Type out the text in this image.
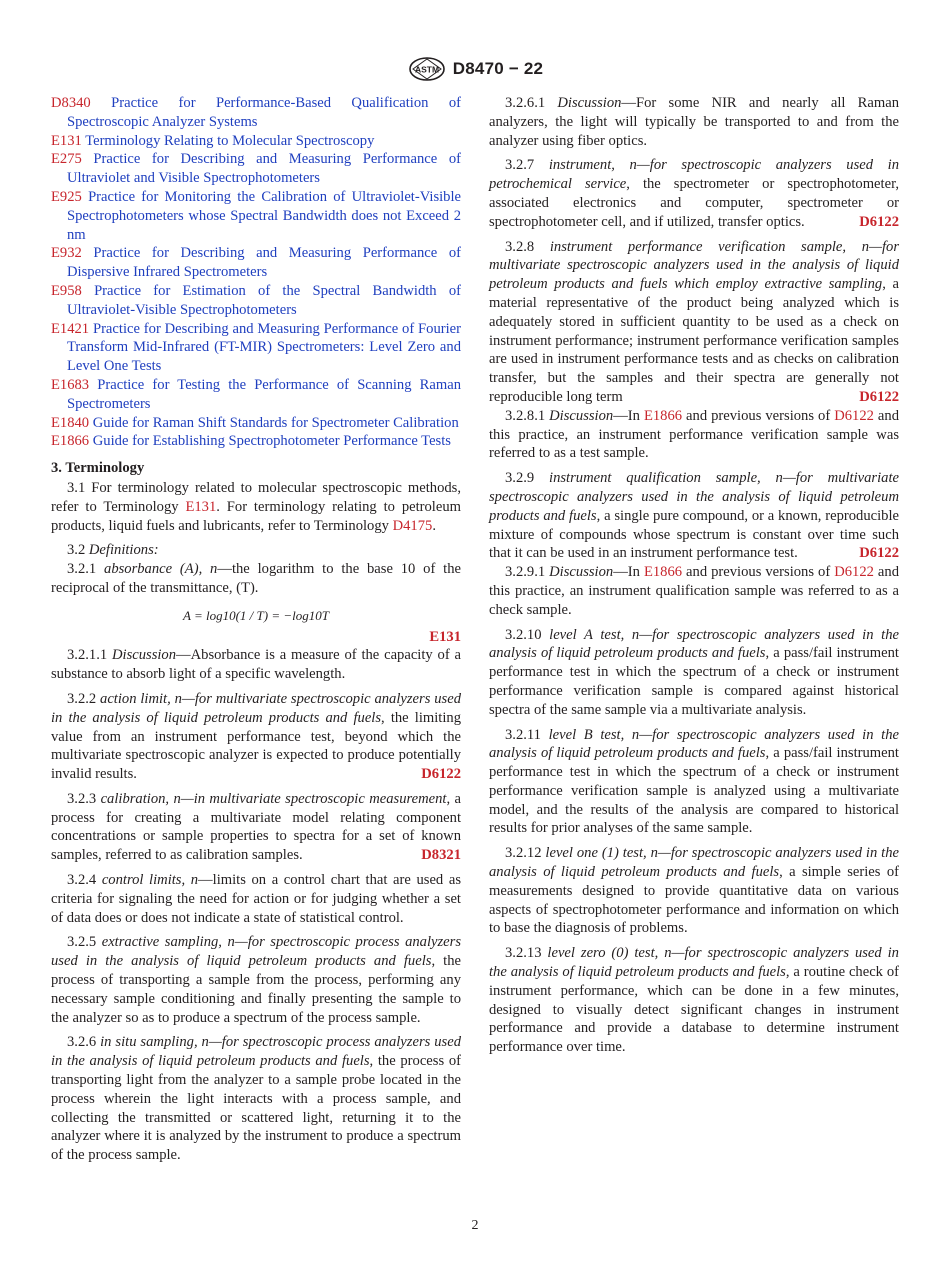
ASTM D8470 − 22
D8340 Practice for Performance-Based Qualification of Spectroscopic Analyzer Systems
E131 Terminology Relating to Molecular Spectroscopy
E275 Practice for Describing and Measuring Performance of Ultraviolet and Visible Spectrophotometers
E925 Practice for Monitoring the Calibration of Ultraviolet-Visible Spectrophotometers whose Spectral Bandwidth does not Exceed 2 nm
E932 Practice for Describing and Measuring Performance of Dispersive Infrared Spectrometers
E958 Practice for Estimation of the Spectral Bandwidth of Ultraviolet-Visible Spectrophotometers
E1421 Practice for Describing and Measuring Performance of Fourier Transform Mid-Infrared (FT-MIR) Spectrometers: Level Zero and Level One Tests
E1683 Practice for Testing the Performance of Scanning Raman Spectrometers
E1840 Guide for Raman Shift Standards for Spectrometer Calibration
E1866 Guide for Establishing Spectrophotometer Performance Tests
3. Terminology

3.1 For terminology related to molecular spectroscopic methods, refer to Terminology E131. For terminology relating to petroleum products, liquid fuels and lubricants, refer to Terminology D4175.

3.2 Definitions:

3.2.1 absorbance (A), n—the logarithm to the base 10 of the reciprocal of the transmittance, (T).

A = log10(1 / T) = −log10T
E131

3.2.1.1 Discussion—Absorbance is a measure of the capacity of a substance to absorb light of a specific wavelength.

3.2.2 action limit, n—for multivariate spectroscopic analyzers used in the analysis of liquid petroleum products and fuels, the limiting value from an instrument performance test, beyond which the multivariate spectroscopic analyzer is expected to produce potentially invalid results.	D6122

3.2.3 calibration, n—in multivariate spectroscopic measurement, a process for creating a multivariate model relating component concentrations or sample properties to spectra for a set of known samples, referred to as calibration samples.	D8321

3.2.4 control limits, n—limits on a control chart that are used as criteria for signaling the need for action or for judging whether a set of data does or does not indicate a state of statistical control.

3.2.5 extractive sampling, n—for spectroscopic process analyzers used in the analysis of liquid petroleum products and fuels, the process of transporting a sample from the process, performing any necessary sample conditioning and finally presenting the sample to the analyzer so as to produce a spectrum of the process sample.

3.2.6 in situ sampling, n—for spectroscopic process analyzers used in the analysis of liquid petroleum products and fuels, the process of transporting light from the analyzer to a sample probe located in the process wherein the light interacts with a process sample, and collecting the transmitted or scattered light, returning it to the analyzer where it is analyzed by the instrument to produce a spectrum of the process sample.

3.2.6.1 Discussion—For some NIR and nearly all Raman analyzers, the light will typically be transported to and from the analyzer using fiber optics.

3.2.7 instrument, n—for spectroscopic analyzers used in petrochemical service, the spectrometer or spectrophotometer, associated electronics and computer, spectrometer or spectrophotometer cell, and if utilized, transfer optics.	D6122

3.2.8 instrument performance verification sample, n—for multivariate spectroscopic analyzers used in the analysis of liquid petroleum products and fuels which employ extractive sampling, a material representative of the product being analyzed which is adequately stored in sufficient quantity to be used as a check on instrument performance; instrument performance verification samples are used in instrument performance tests and as checks on calibration transfer, but the samples and their spectra are generally not reproducible long term	D6122

3.2.8.1 Discussion—In E1866 and previous versions of D6122 and this practice, an instrument performance verification sample was referred to as a test sample.

3.2.9 instrument qualification sample, n—for multivariate spectroscopic analyzers used in the analysis of liquid petroleum products and fuels, a single pure compound, or a known, reproducible mixture of compounds whose spectrum is constant over time such that it can be used in an instrument performance test.	D6122

3.2.9.1 Discussion—In E1866 and previous versions of D6122 and this practice, an instrument qualification sample was referred to as a check sample.

3.2.10 level A test, n—for spectroscopic analyzers used in the analysis of liquid petroleum products and fuels, a pass/fail instrument performance test in which the spectrum of a check or instrument performance verification sample is compared against historical spectra of the same sample via a multivariate analysis.

3.2.11 level B test, n—for spectroscopic analyzers used in the analysis of liquid petroleum products and fuels, a pass/fail instrument performance test in which the spectrum of a check or instrument performance verification sample is analyzed using a multivariate model, and the results of the analysis are compared to historical results for prior analyses of the same sample.

3.2.12 level one (1) test, n—for spectroscopic analyzers used in the analysis of liquid petroleum products and fuels, a simple series of measurements designed to provide quantitative data on various aspects of spectrophotometer performance and information on which to base the diagnosis of problems.

3.2.13 level zero (0) test, n—for spectroscopic analyzers used in the analysis of liquid petroleum products and fuels, a routine check of instrument performance, which can be done in a few minutes, designed to visually detect significant changes in instrument performance and provide a database to determine instrument performance over time.

2
